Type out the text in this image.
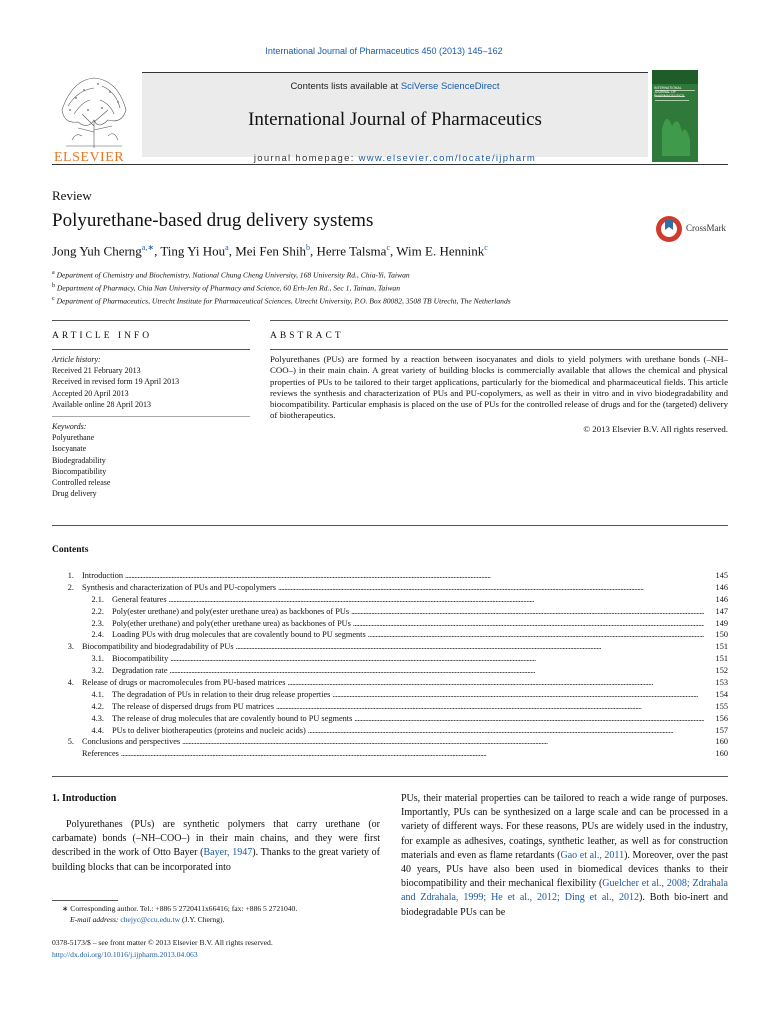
International Journal of Pharmaceutics 450 (2013) 145–162
ELSEVIER
Contents lists available at SciVerse ScienceDirect
International Journal of Pharmaceutics
journal homepage: www.elsevier.com/locate/ijpharm
INTERNATIONAL JOURNAL OF PHARMACEUTICS
Review
Polyurethane-based drug delivery systems	CrossMark
Jong Yuh Cherng$^{a,∗}$, Ting Yi Hou$^a$, Mei Fen Shih$^b$, Herre Talsma$^c$, Wim E. Hennink$^c$
$^a$ Department of Chemistry and Biochemistry, National Chung Cheng University, 168 University Rd., Chia-Yi, Taiwan
$^b$ Department of Pharmacy, Chia Nan University of Pharmacy and Science, 60 Erh-Jen Rd., Sec 1, Tainan, Taiwan
$^c$ Department of Pharmaceutics, Utrecht Institute for Pharmaceutical Sciences, Utrecht University, P.O. Box 80082, 3508 TB Utrecht, The Netherlands
ARTICLE INFO
Article history:
Received 21 February 2013
Received in revised form 19 April 2013
Accepted 20 April 2013
Available online 28 April 2013
Keywords:
Polyurethane
Isocyanate
Biodegradability
Biocompatibility
Controlled release
Drug delivery
ABSTRACT
Polyurethanes (PUs) are formed by a reaction between isocyanates and diols to yield polymers with urethane bonds (–NH–COO–) in their main chain. A great variety of building blocks is commercially available that allows the chemical and physical properties of PUs to be tailored to their target applications, particularly for the biomedical and pharmaceutical fields. This article reviews the synthesis and characterization of PUs and PU-copolymers, as well as their in vitro and in vivo biodegradability and biocompatibility. Particular emphasis is placed on the use of PUs for the controlled release of drugs and for the (targeted) delivery of biotherapeutics.
© 2013 Elsevier B.V. All rights reserved.
Contents
1. Introduction . . .	145
2. Synthesis and characterization of PUs and PU-copolymers . . .	146
2.1. General features . . .	146
2.2. Poly(ester urethane) and poly(ester urethane urea) as backbones of PUs . . .	147
2.3. Poly(ether urethane) and poly(ether urethane urea) as backbones of PUs . . .	149
2.4. Loading PUs with drug molecules that are covalently bound to PU segments . . .	150
3. Biocompatibility and biodegradability of PUs . . .	151
3.1. Biocompatibility . . .	151
3.2. Degradation rate . . .	152
4. Release of drugs or macromolecules from PU-based matrices . . .	153
4.1. The degradation of PUs in relation to their drug release properties . . .	154
4.2. The release of dispersed drugs from PU matrices . . .	155
4.3. The release of drug molecules that are covalently bound to PU segments . . .	156
4.4. PUs to deliver biotherapeutics (proteins and nucleic acids) . . .	157
5. Conclusions and perspectives . . .	160
References . . .	160
1. Introduction
Polyurethanes (PUs) are synthetic polymers that carry urethane (or carbamate) bonds (–NH–COO–) in their main chains, and they were first described in the work of Otto Bayer (Bayer, 1947). Thanks to the great variety of building blocks that can be incorporated into
PUs, their material properties can be tailored to reach a wide range of purposes. Importantly, PUs can be synthesized on a large scale and can be processed in a variety of different ways. For these reasons, PUs are widely used in the industry, for example as adhesives, coatings, synthetic leather, as well as for construction materials and even as flame retardants (Gao et al., 2011). Moreover, over the past 40 years, PUs have also been used in biomedical devices thanks to their biocompatibility and their mechanical flexibility (Guelcher et al., 2008; Zdrahala and Zdrahala, 1999; He et al., 2012; Ding et al., 2012). Both bio-inert and biodegradable PUs can be
∗ Corresponding author. Tel.: +886 5 2720411x66416; fax: +886 5 2721040.
E-mail address: chejyc@ccu.edu.tw (J.Y. Cherng).
0378-5173/$ – see front matter © 2013 Elsevier B.V. All rights reserved.
http://dx.doi.org/10.1016/j.ijpharm.2013.04.063
